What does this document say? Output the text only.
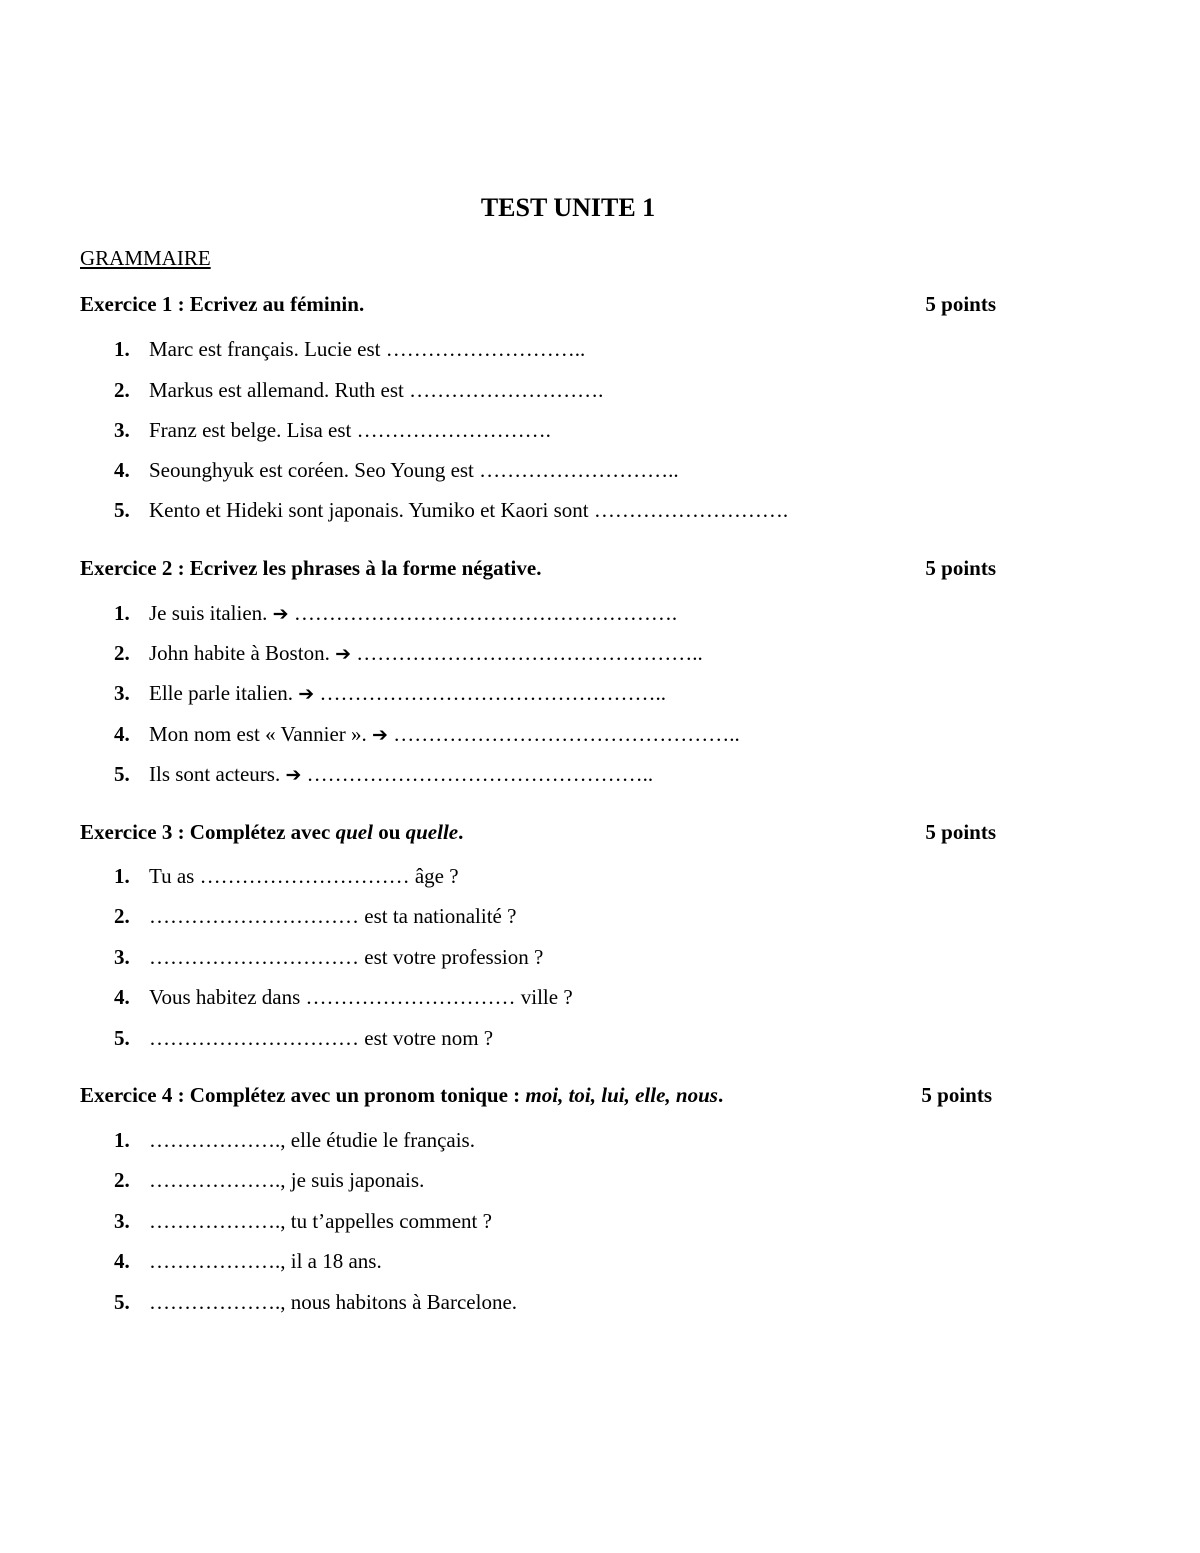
TEST UNITE 1
GRAMMAIRE
Exercice 1 : Ecrivez au féminin.	5 points
1. Marc est français. Lucie est ………………………..
2. Markus est allemand. Ruth est ……………………….
3. Franz est belge. Lisa est ……………………….
4. Seounghyuk est coréen. Seo Young est ………………………..
5. Kento et Hideki sont japonais. Yumiko et Kaori sont ……………………….
Exercice 2 : Ecrivez les phrases à la forme négative.	5 points
1. Je suis italien. ➔ ……………………………………………….
2. John habite à Boston. ➔ …………………………………………..
3. Elle parle italien. ➔ …………………………………………..
4. Mon nom est « Vannier ». ➔ …………………………………………..
5. Ils sont acteurs. ➔ …………………………………………..
Exercice 3 : Complétez avec quel ou quelle.	5 points
1. Tu as ………………………… âge ?
2. ………………………… est ta nationalité ?
3. ………………………… est votre profession ?
4. Vous habitez dans ………………………… ville ?
5. ………………………… est votre nom ?
Exercice 4 : Complétez avec un pronom tonique : moi, toi, lui, elle, nous.	5 points
1. ………………., elle étudie le français.
2. ………………., je suis japonais.
3. ………………., tu t’appelles comment ?
4. ………………., il a 18 ans.
5. ………………., nous habitons à Barcelone.
